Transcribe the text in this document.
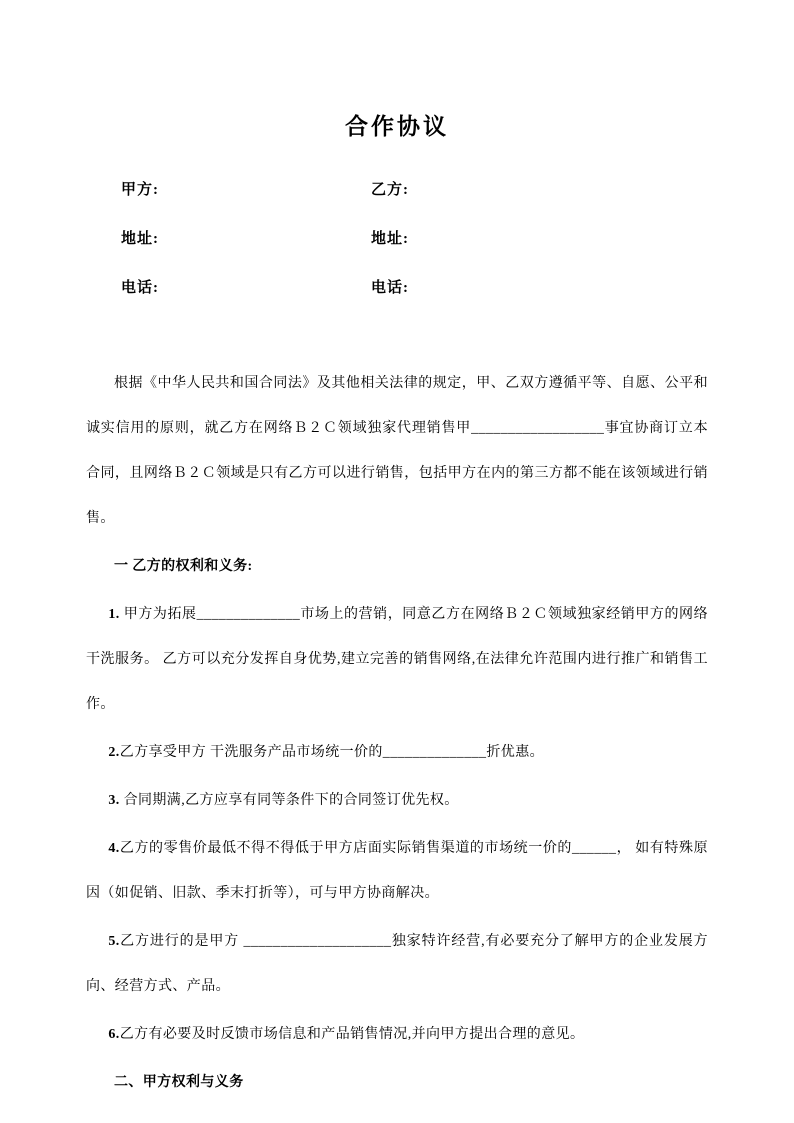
合作协议
甲方:	乙方:
地址:	地址:
电话:	电话:

根据《中华人民共和国合同法》及其他相关法律的规定，甲、乙双方遵循平等、自愿、公平和诚实信用的原则，就乙方在网络Ｂ２Ｃ领域独家代理销售甲__________________事宜协商订立本合同，且网络Ｂ２Ｃ领域是只有乙方可以进行销售，包括甲方在内的第三方都不能在该领域进行销售。

一 乙方的权利和义务:

1. 甲方为拓展______________市场上的营销，同意乙方在网络Ｂ２Ｃ领域独家经销甲方的网络干洗服务。 乙方可以充分发挥自身优势,建立完善的销售网络,在法律允许范围内进行推广和销售工作。

2.乙方享受甲方 干洗服务产品市场统一价的______________折优惠。

3. 合同期满,乙方应享有同等条件下的合同签订优先权。

4.乙方的零售价最低不得不得低于甲方店面实际销售渠道的市场统一价的______， 如有特殊原因（如促销、旧款、季末打折等），可与甲方协商解决。

5.乙方进行的是甲方 ____________________独家特许经营,有必要充分了解甲方的企业发展方向、经营方式、产品。

6.乙方有必要及时反馈市场信息和产品销售情况,并向甲方提出合理的意见。

二、甲方权利与义务
